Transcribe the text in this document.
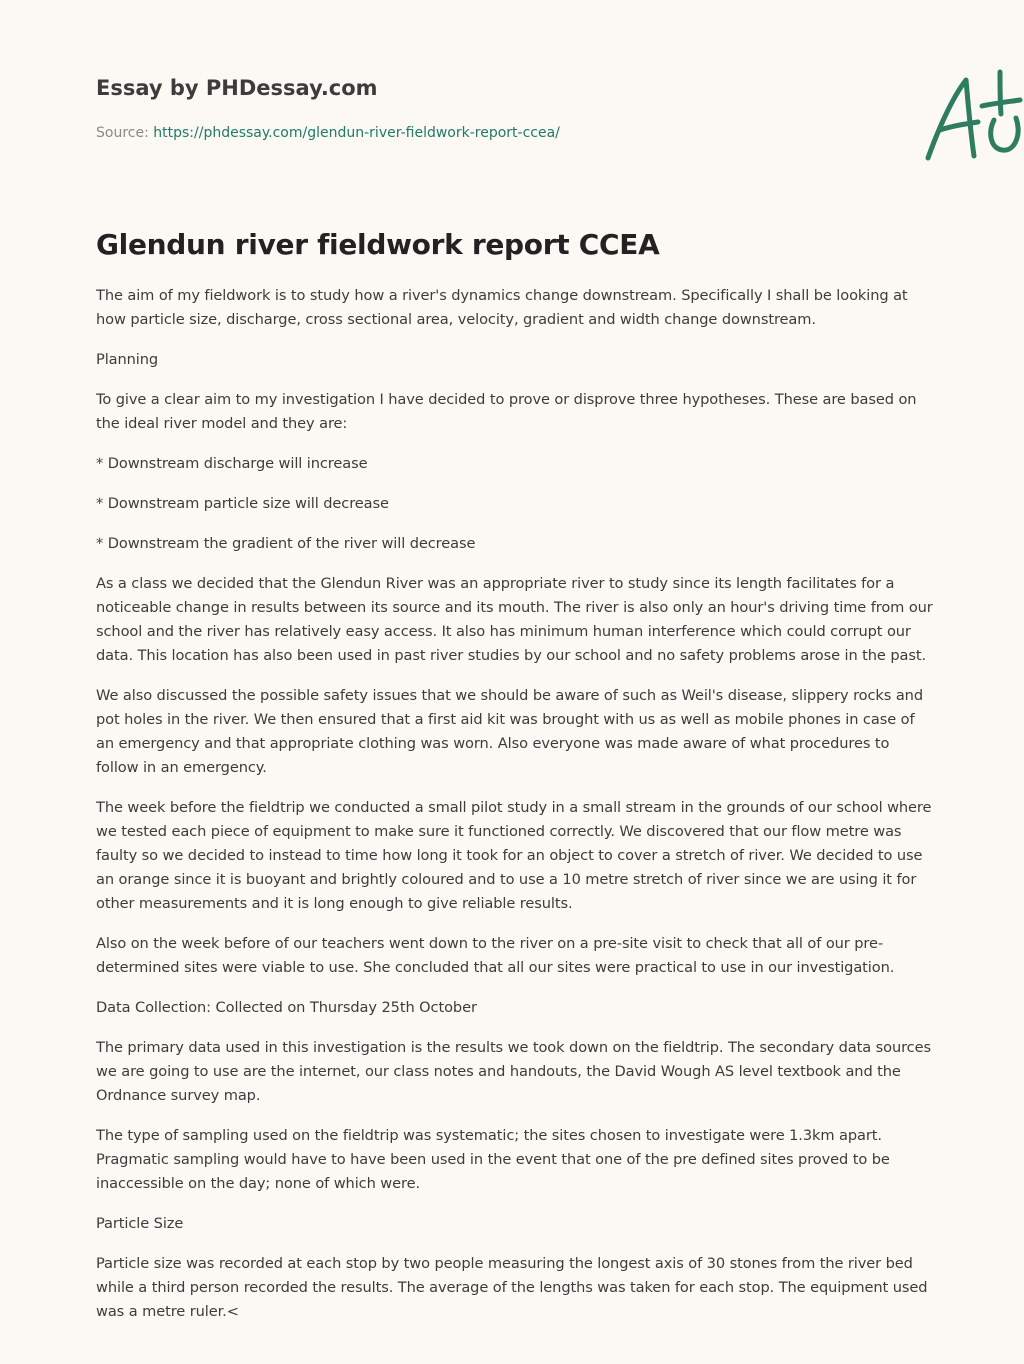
Essay by PHDessay.com
Source: https://phdessay.com/glendun-river-fieldwork-report-ccea/
Glendun river fieldwork report CCEA

The aim of my fieldwork is to study how a river's dynamics change downstream. Specifically I shall be looking at how particle size, discharge, cross sectional area, velocity, gradient and width change downstream.

Planning

To give a clear aim to my investigation I have decided to prove or disprove three hypotheses. These are based on the ideal river model and they are:

* Downstream discharge will increase

* Downstream particle size will decrease

* Downstream the gradient of the river will decrease

As a class we decided that the Glendun River was an appropriate river to study since its length facilitates for a noticeable change in results between its source and its mouth. The river is also only an hour's driving time from our school and the river has relatively easy access. It also has minimum human interference which could corrupt our data. This location has also been used in past river studies by our school and no safety problems arose in the past.

We also discussed the possible safety issues that we should be aware of such as Weil's disease, slippery rocks and pot holes in the river. We then ensured that a first aid kit was brought with us as well as mobile phones in case of an emergency and that appropriate clothing was worn. Also everyone was made aware of what procedures to follow in an emergency.

The week before the fieldtrip we conducted a small pilot study in a small stream in the grounds of our school where we tested each piece of equipment to make sure it functioned correctly. We discovered that our flow metre was faulty so we decided to instead to time how long it took for an object to cover a stretch of river. We decided to use an orange since it is buoyant and brightly coloured and to use a 10 metre stretch of river since we are using it for other measurements and it is long enough to give reliable results.

Also on the week before of our teachers went down to the river on a pre-site visit to check that all of our pre-determined sites were viable to use. She concluded that all our sites were practical to use in our investigation.

Data Collection: Collected on Thursday 25th October

The primary data used in this investigation is the results we took down on the fieldtrip. The secondary data sources we are going to use are the internet, our class notes and handouts, the David Wough AS level textbook and the Ordnance survey map.

The type of sampling used on the fieldtrip was systematic; the sites chosen to investigate were 1.3km apart. Pragmatic sampling would have to have been used in the event that one of the pre defined sites proved to be inaccessible on the day; none of which were.

Particle Size

Particle size was recorded at each stop by two people measuring the longest axis of 30 stones from the river bed while a third person recorded the results. The average of the lengths was taken for each stop. The equipment used was a metre ruler.<
